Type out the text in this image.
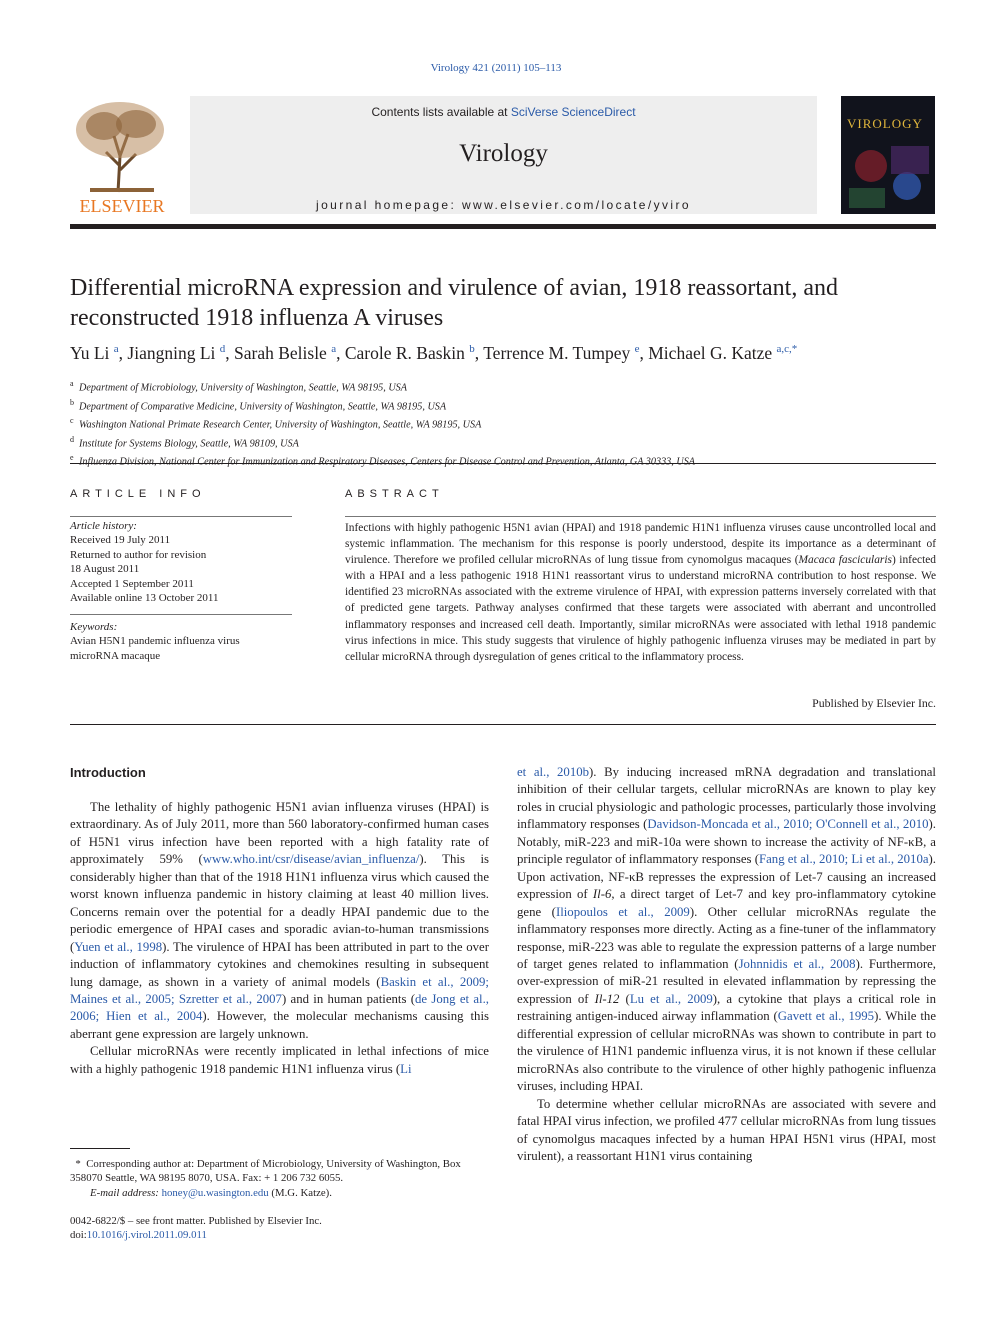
Virology 421 (2011) 105–113
ELSEVIER
Contents lists available at SciVerse ScienceDirect
Virology
journal homepage: www.elsevier.com/locate/yviro
VIROLOGY
Differential microRNA expression and virulence of avian, 1918 reassortant, and reconstructed 1918 influenza A viruses
Yu Li $^a$, Jiangning Li $^d$, Sarah Belisle $^a$, Carole R. Baskin $^b$, Terrence M. Tumpey $^e$, Michael G. Katze $^{a,c,*}$
$^a$ Department of Microbiology, University of Washington, Seattle, WA 98195, USA
$^b$ Department of Comparative Medicine, University of Washington, Seattle, WA 98195, USA
$^c$ Washington National Primate Research Center, University of Washington, Seattle, WA 98195, USA
$^d$ Institute for Systems Biology, Seattle, WA 98109, USA
$^e$
ARTICLE INFO
Article history:
Received 19 July 2011
Returned to author for revision
18 August 2011
Accepted 1 September 2011
Available online 13 October 2011
Keywords:
Avian H5N1 pandemic influenza virus
microRNA macaque
ABSTRACT
Infections with highly pathogenic H5N1 avian (HPAI) and 1918 pandemic H1N1 influenza viruses cause uncontrolled local and systemic inflammation. The mechanism for this response is poorly understood, despite its importance as a determinant of virulence. Therefore we profiled cellular microRNAs of lung tissue from cynomolgus macaques (Macaca fascicularis) infected with a HPAI and a less pathogenic 1918 H1N1 reassortant virus to understand microRNA contribution to host response. We identified 23 microRNAs associated with the extreme virulence of HPAI, with expression patterns inversely correlated with that of predicted gene targets. Pathway analyses confirmed that these targets were associated with aberrant and uncontrolled inflammatory responses and increased cell death. Importantly, similar microRNAs were associated with lethal 1918 pandemic virus infections in mice. This study suggests that virulence of highly pathogenic influenza viruses may be mediated in part by cellular microRNA through dysregulation of genes critical to the inflammatory process.
Published by Elsevier Inc.
Introduction

The lethality of highly pathogenic H5N1 avian influenza viruses (HPAI) is extraordinary. As of July 2011, more than 560 laboratory-confirmed human cases of H5N1 virus infection have been reported with a high fatality rate of approximately 59% (www.who.int/csr/disease/avian_influenza/). This is considerably higher than that of the 1918 H1N1 influenza virus which caused the worst known influenza pandemic in history claiming at least 40 million lives. Concerns remain over the potential for a deadly HPAI pandemic due to the periodic emergence of HPAI cases and sporadic avian-to-human transmissions (Yuen et al., 1998). The virulence of HPAI has been attributed in part to the over induction of inflammatory cytokines and chemokines resulting in subsequent lung damage, as shown in a variety of animal models (Baskin et al., 2009; Maines et al., 2005; Szretter et al., 2007) and in human patients (de Jong et al., 2006; Hien et al., 2004). However, the molecular mechanisms causing this aberrant gene expression are largely unknown.

Cellular microRNAs were recently implicated in lethal infections of mice with a highly pathogenic 1918 pandemic H1N1 influenza virus (Li

et al., 2010b). By inducing increased mRNA degradation and translational inhibition of their cellular targets, cellular microRNAs are known to play key roles in crucial physiologic and pathologic processes, particularly those involving inflammatory responses (Davidson-Moncada et al., 2010; O'Connell et al., 2010). Notably, miR-223 and miR-10a were shown to increase the activity of NF-κB, a principle regulator of inflammatory responses (Fang et al., 2010; Li et al., 2010a). Upon activation, NF-κB represses the expression of Let-7 causing an increased expression of Il-6, a direct target of Let-7 and key pro-inflammatory cytokine gene (Iliopoulos et al., 2009). Other cellular microRNAs regulate the inflammatory responses more directly. Acting as a fine-tuner of the inflammatory response, miR-223 was able to regulate the expression patterns of a large number of target genes related to inflammation (Johnnidis et al., 2008). Furthermore, over-expression of miR-21 resulted in elevated inflammation by repressing the expression of Il-12 (Lu et al., 2009), a cytokine that plays a critical role in restraining antigen-induced airway inflammation (Gavett et al., 1995). While the differential expression of cellular microRNAs was shown to contribute in part to the virulence of H1N1 pandemic influenza virus, it is not known if these cellular microRNAs also contribute to the virulence of other highly pathogenic influenza viruses, including HPAI.

To determine whether cellular microRNAs are associated with severe and fatal HPAI virus infection, we profiled 477 cellular microRNAs from lung tissues of cynomolgus macaques infected by a human HPAI H5N1 virus (HPAI, most virulent), a reassortant H1N1 virus containing

* Corresponding author at: Department of Microbiology, University of Washington, Box 358070 Seattle, WA 98195 8070, USA. Fax: + 1 206 732 6055.
E-mail address: honey@u.wasington.edu (M.G. Katze).
0042-6822/$ – see front matter. Published by Elsevier Inc.
doi:10.1016/j.virol.2011.09.011
